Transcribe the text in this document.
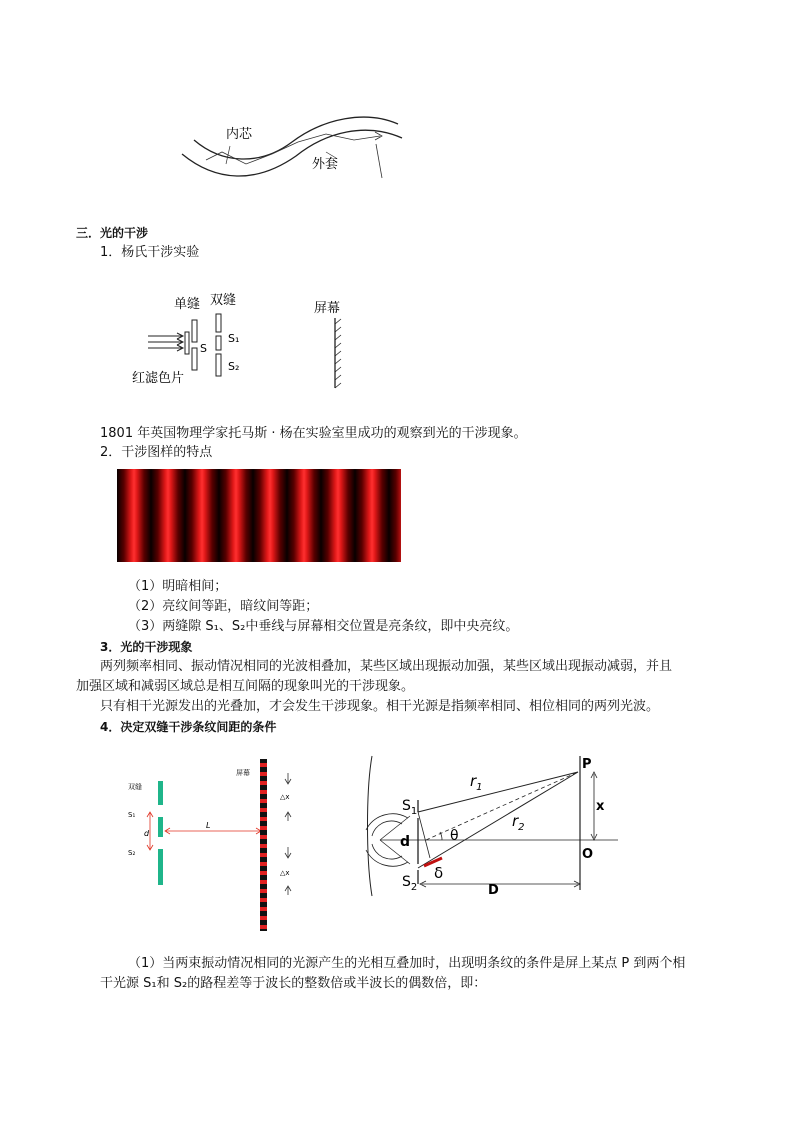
内芯
外套
三．光的干涉
1．杨氏干涉实验
单缝 双缝
屏幕
S
S₁
S₂
红滤色片
1801 年英国物理学家托马斯 · 杨在实验室里成功的观察到光的干涉现象。
2．干涉图样的特点
（1）明暗相间；
（2）亮纹间等距，暗纹间等距；
（3）两缝隙 S₁、S₂中垂线与屏幕相交位置是亮条纹，即中央亮纹。
3．光的干涉现象
两列频率相同、振动情况相同的光波相叠加，某些区域出现振动加强，某些区域出现振动减弱，并且
加强区域和减弱区域总是相互间隔的现象叫光的干涉现象。
只有相干光源发出的光叠加，才会发生干涉现象。相干光源是指频率相同、相位相同的两列光波。
4．决定双缝干涉条纹间距的条件
双缝
屏幕
S₁
S₂
d
L
△x
△x
P
O
x
$r_1$
$r_2$
$S_1$
$S_2$
d
D
θ
δ
（1）当两束振动情况相同的光源产生的光相互叠加时，出现明条纹的条件是屏上某点 P 到两个相
干光源 S₁和 S₂的路程差等于波长的整数倍或半波长的偶数倍，即：
